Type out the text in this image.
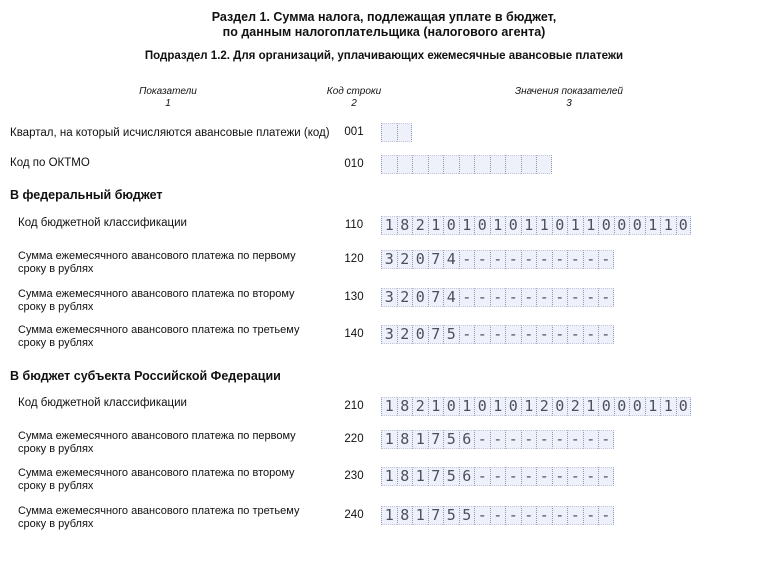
Раздел 1. Сумма налога, подлежащая уплате в бюджет,
по данным налогоплательщика (налогового агента)
Подраздел 1.2. Для организаций, уплачивающих ежемесячные авансовые платежи
Показатели
1
Код строки
2
Значения показателей
3
Квартал, на который исчисляются авансовые платежи (код)	001
Код по ОКТМО	010
В федеральный бюджет
Код бюджетной классификации	110	1 8 2 1 0 1 0 1 0 1 1 0 1 1 0 0 0 1 1 0
Сумма ежемесячного авансового платежа по первому
сроку в рублях
120	3 2 0 7 4 - - - - - - - - - -
Сумма ежемесячного авансового платежа по второму
сроку в рублях
130	3 2 0 7 4 - - - - - - - - - -
Сумма ежемесячного авансового платежа по третьему
сроку в рублях
140	3 2 0 7 5 - - - - - - - - - -
В бюджет субъекта Российской Федерации
Код бюджетной классификации	210	1 8 2 1 0 1 0 1 0 1 2 0 2 1 0 0 0 1 1 0
Сумма ежемесячного авансового платежа по первому
сроку в рублях
220	1 8 1 7 5 6 - - - - - - - - -
Сумма ежемесячного авансового платежа по второму
сроку в рублях
230	1 8 1 7 5 6 - - - - - - - - -
Сумма ежемесячного авансового платежа по третьему
сроку в рублях
240	1 8 1 7 5 5 - - - - - - - - -
